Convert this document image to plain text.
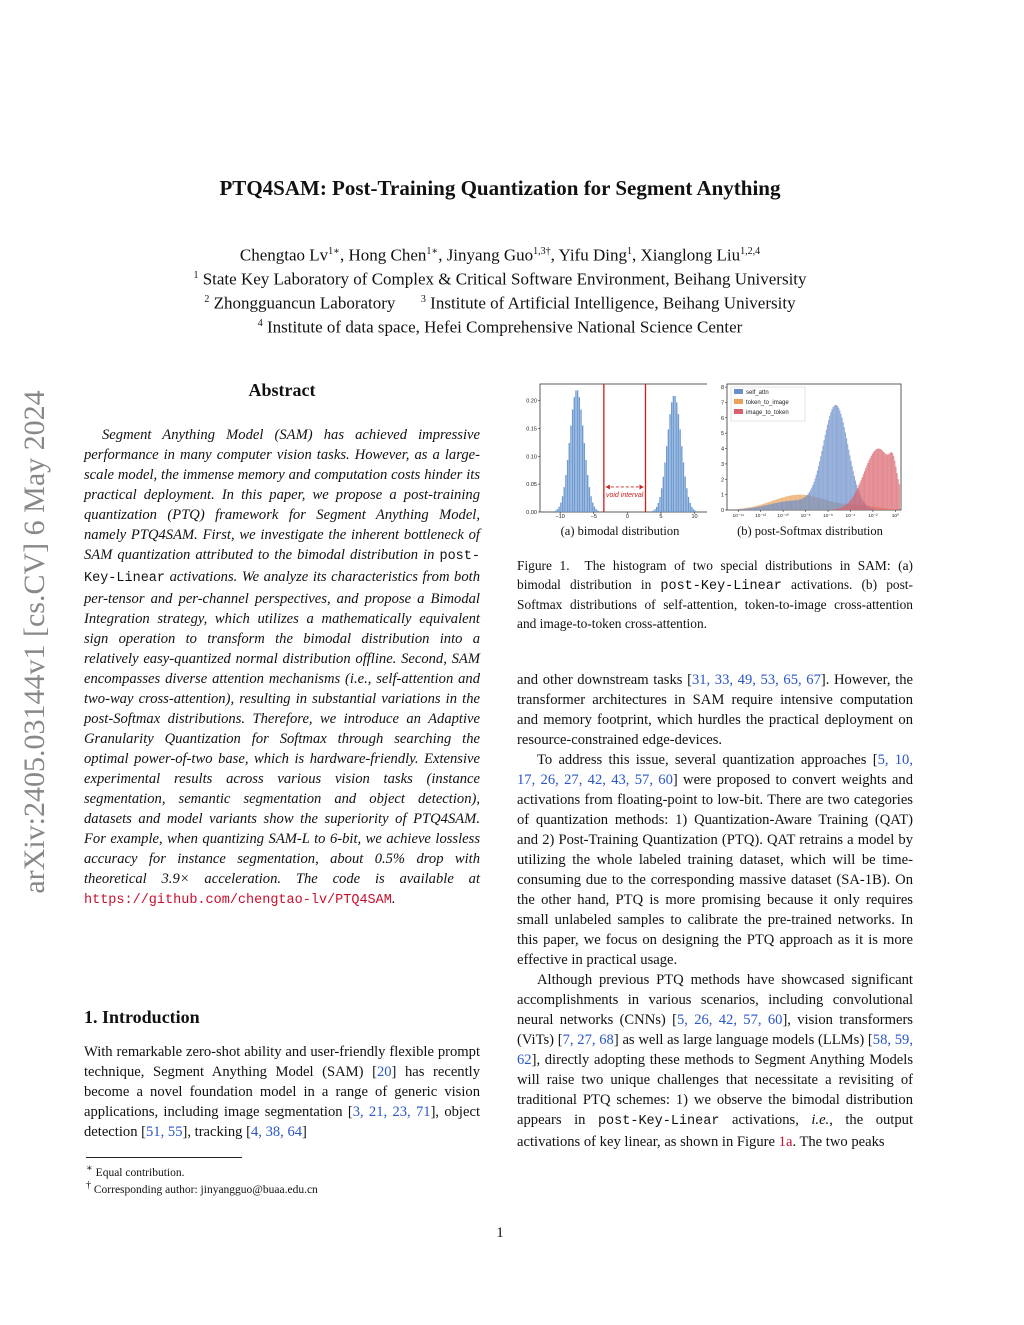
arXiv:2405.03144v1 [cs.CV] 6 May 2024
PTQ4SAM: Post-Training Quantization for Segment Anything
Chengtao $Lv^{1∗}$, Hong Chen$^{1∗}$, Jinyang Guo$^{1,3\dagger}$, Yifu Ding$^1$, Xianglong Liu$^{1,2,4}$
$^1$ State Key Laboratory of Complex & Critical Software Environment, Beihang University
$^2$ Zhongguancun Laboratory	$^3$ Institute of Artificial Intelligence, Beihang University
$^4$ Institute of data space, Hefei Comprehensive National Science Center
Abstract

Segment Anything Model (SAM) has achieved impressive performance in many computer vision tasks. However, as a large-scale model, the immense memory and computation costs hinder its practical deployment. In this paper, we propose a post-training quantization (PTQ) framework for Segment Anything Model, namely PTQ4SAM. First, we investigate the inherent bottleneck of SAM quantization attributed to the bimodal distribution in post-Key-Linear activations. We analyze its characteristics from both per-tensor and per-channel perspectives, and propose a Bimodal Integration strategy, which utilizes a mathematically equivalent sign operation to transform the bimodal distribution into a relatively easy-quantized normal distribution offline. Second, SAM encompasses diverse attention mechanisms (i.e., self-attention and two-way cross-attention), resulting in substantial variations in the post-Softmax distributions. Therefore, we introduce an Adaptive Granularity Quantization for Softmax through searching the optimal power-of-two base, which is hardware-friendly. Extensive experimental results across various vision tasks (instance segmentation, semantic segmentation and object detection), datasets and model variants show the superiority of PTQ4SAM. For example, when quantizing SAM-L to 6-bit, we achieve lossless accuracy for instance segmentation, about 0.5% drop with theoretical 3.9× acceleration. The code is available at https://github.com/chengtao-lv/PTQ4SAM.

1. Introduction

With remarkable zero-shot ability and user-friendly flexible prompt technique, Segment Anything Model (SAM) [20] has recently become a novel foundation model in a range of generic vision applications, including image segmentation [3, 21, 23, 71], object detection [51, 55], tracking [4, 38, 64]

∗ Equal contribution.
† Corresponding author: jinyangguo@buaa.edu.cn
void interval
−10	−5	0	5	10
0.00
0.05
0.10
0.15
0.20
(a) bimodal distribution
10⁻¹⁴ 10⁻¹² 10⁻¹⁰ 10⁻⁸	10⁻⁶	10⁻⁴	10⁻²	10⁰
0
1
2
3
4
5
6
7
8
self_attn
token_to_image
image_to_token
(b) post-Softmax distribution

Figure 1. The histogram of two special distributions in SAM: (a) bimodal distribution in post-Key-Linear activations. (b) post-Softmax distributions of self-attention, token-to-image cross-attention and image-to-token cross-attention.

and other downstream tasks [31, 33, 49, 53, 65, 67]. However, the transformer architectures in SAM require intensive computation and memory footprint, which hurdles the practical deployment on resource-constrained edge-devices.

To address this issue, several quantization approaches [5, 10, 17, 26, 27, 42, 43, 57, 60] were proposed to convert weights and activations from floating-point to low-bit. There are two categories of quantization methods: 1) Quantization-Aware Training (QAT) and 2) Post-Training Quantization (PTQ). QAT retrains a model by utilizing the whole labeled training dataset, which will be time-consuming due to the corresponding massive dataset (SA-1B). On the other hand, PTQ is more promising because it only requires small unlabeled samples to calibrate the pre-trained networks. In this paper, we focus on designing the PTQ approach as it is more effective in practical usage.

Although previous PTQ methods have showcased significant accomplishments in various scenarios, including convolutional neural networks (CNNs) [5, 26, 42, 57, 60], vision transformers (ViTs) [7, 27, 68] as well as large language models (LLMs) [58, 59, 62], directly adopting these methods to Segment Anything Models will raise two unique challenges that necessitate a revisiting of traditional PTQ schemes: 1) we observe the bimodal distribution appears in post-Key-Linear activations, i.e., the output activations of key linear, as shown in Figure 1a. The two peaks

1
